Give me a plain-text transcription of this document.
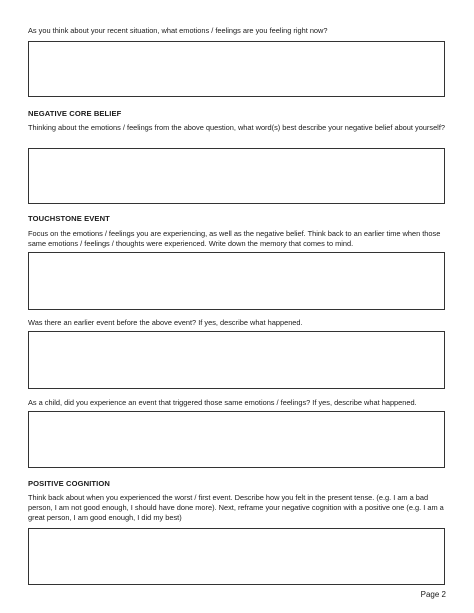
As you think about your recent situation, what emotions / feelings are you feeling right now?

NEGATIVE CORE BELIEF

Thinking about the emotions / feelings from the above question, what word(s) best describe your negative belief about yourself?

TOUCHSTONE EVENT

Focus on the emotions / feelings you are experiencing, as well as the negative belief. Think back to an earlier time when those same emotions / feelings / thoughts were experienced. Write down the memory that comes to mind.

Was there an earlier event before the above event? If yes, describe what happened.

As a child, did you experience an event that triggered those same emotions / feelings? If yes, describe what happened.

POSITIVE COGNITION

Think back about when you experienced the worst / first event. Describe how you felt in the present tense. (e.g. I am a bad person, I am not good enough, I should have done more). Next, reframe your negative cognition with a positive one (e.g. I am a great person, I am good enough, I did my best)

Page 2
